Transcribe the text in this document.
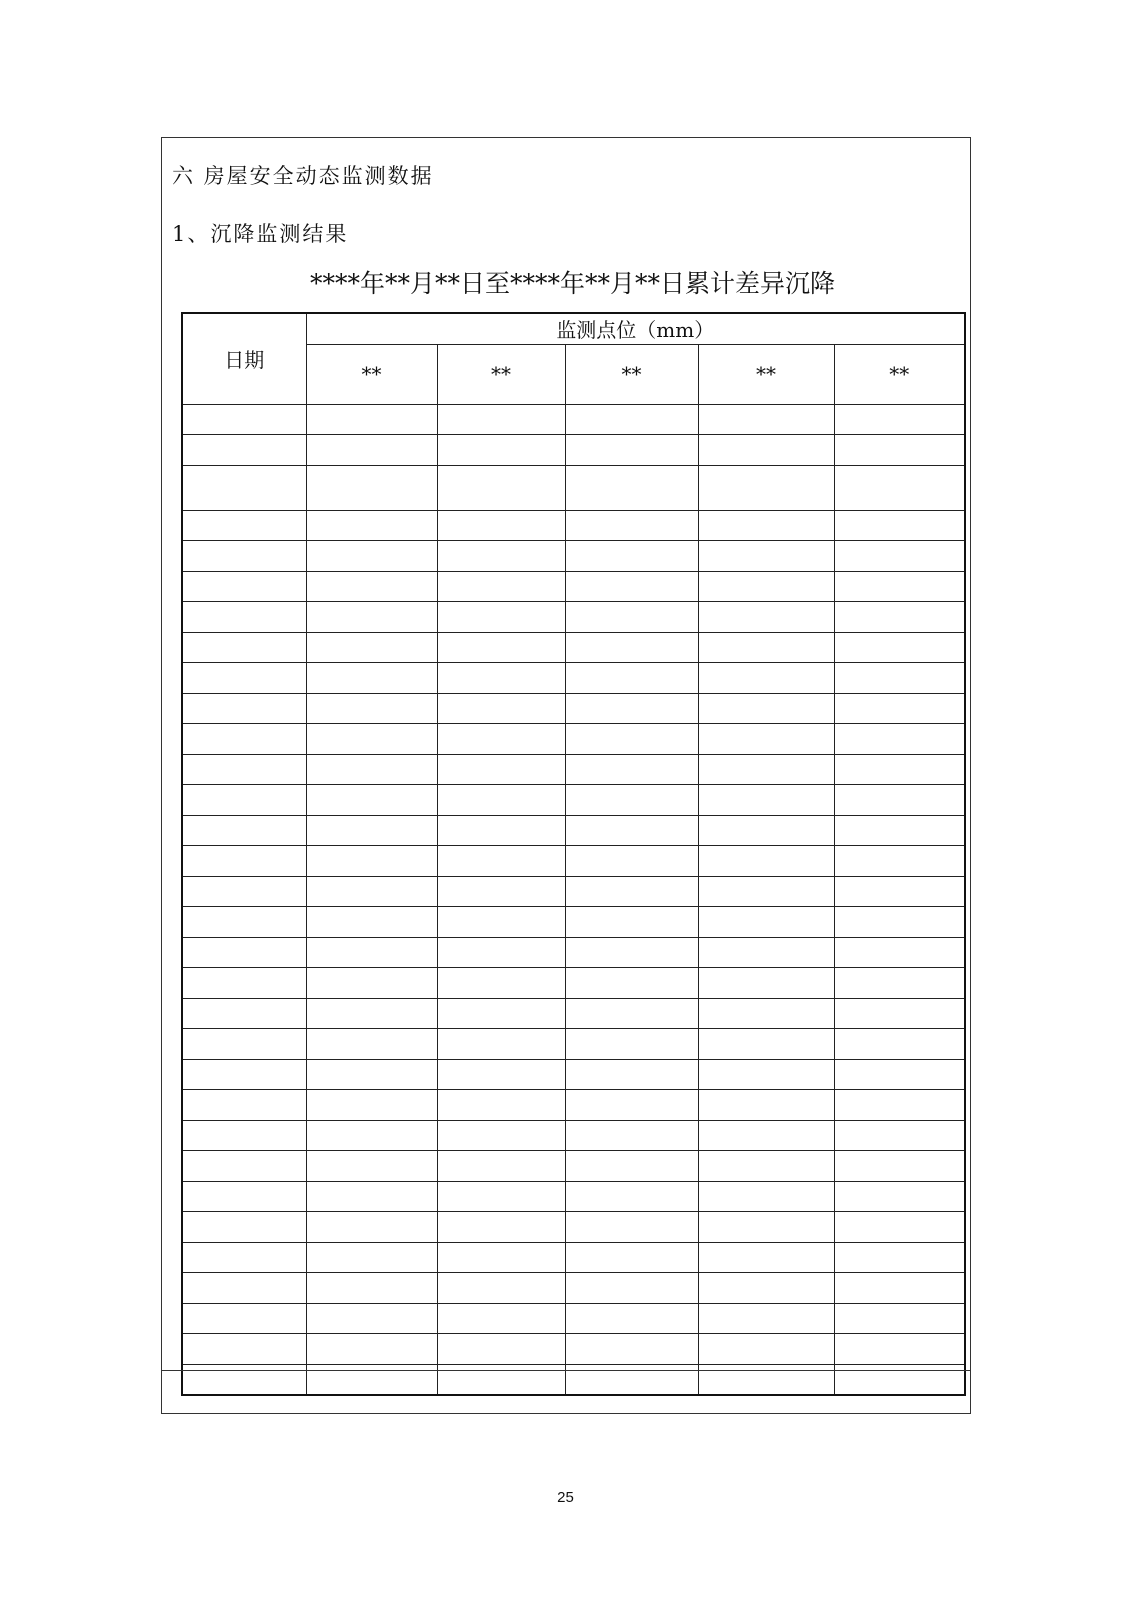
六 房屋安全动态监测数据
1、沉降监测结果
****年**月**日至****年**月**日累计差异沉降
日期	监测点位（mm）				
	**	**	**	**	**

25
